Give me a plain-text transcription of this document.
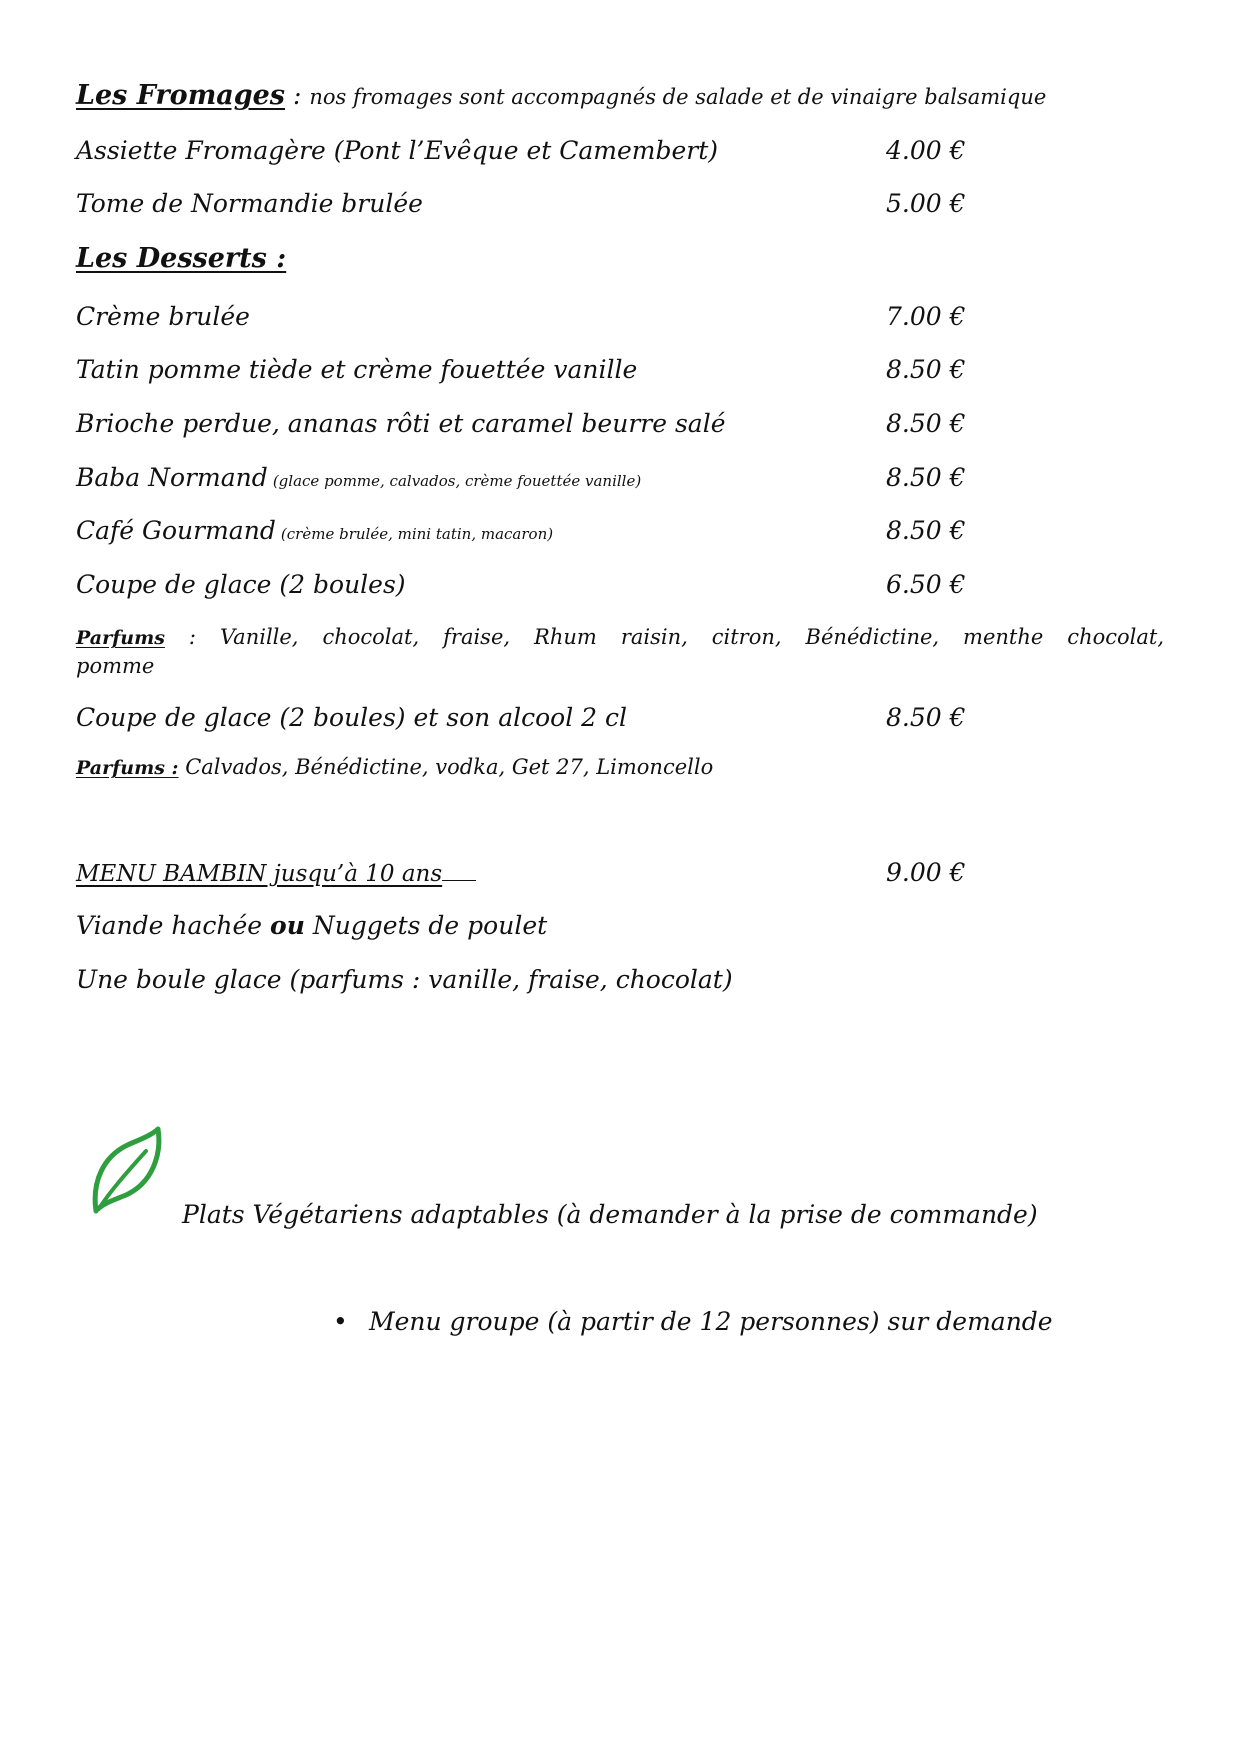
Les Fromages : nos fromages sont accompagnés de salade et de vinaigre balsamique
Assiette Fromagère (Pont l’Evêque et Camembert)	4.00 €
Tome de Normandie brulée	5.00 €
Les Desserts :
Crème brulée	7.00 €
Tatin pomme tiède et crème fouettée vanille	8.50 €
Brioche perdue, ananas rôti et caramel beurre salé	8.50 €
Baba Normand (glace pomme, calvados, crème fouettée vanille)	8.50 €
Café Gourmand (crème brulée, mini tatin, macaron)	8.50 €
Coupe de glace (2 boules)	6.50 €
Parfums : Vanille, chocolat, fraise, Rhum raisin, citron, Bénédictine, menthe chocolat,
pomme
Coupe de glace (2 boules) et son alcool 2 cl	8.50 €
Parfums : Calvados, Bénédictine, vodka, Get 27, Limoncello
MENU BAMBIN jusqu’à 10 ans	9.00 €
Viande hachée ou Nuggets de poulet
Une boule glace (parfums : vanille, fraise, chocolat)
Plats Végétariens adaptables (à demander à la prise de commande)
• Menu groupe (à partir de 12 personnes) sur demande
